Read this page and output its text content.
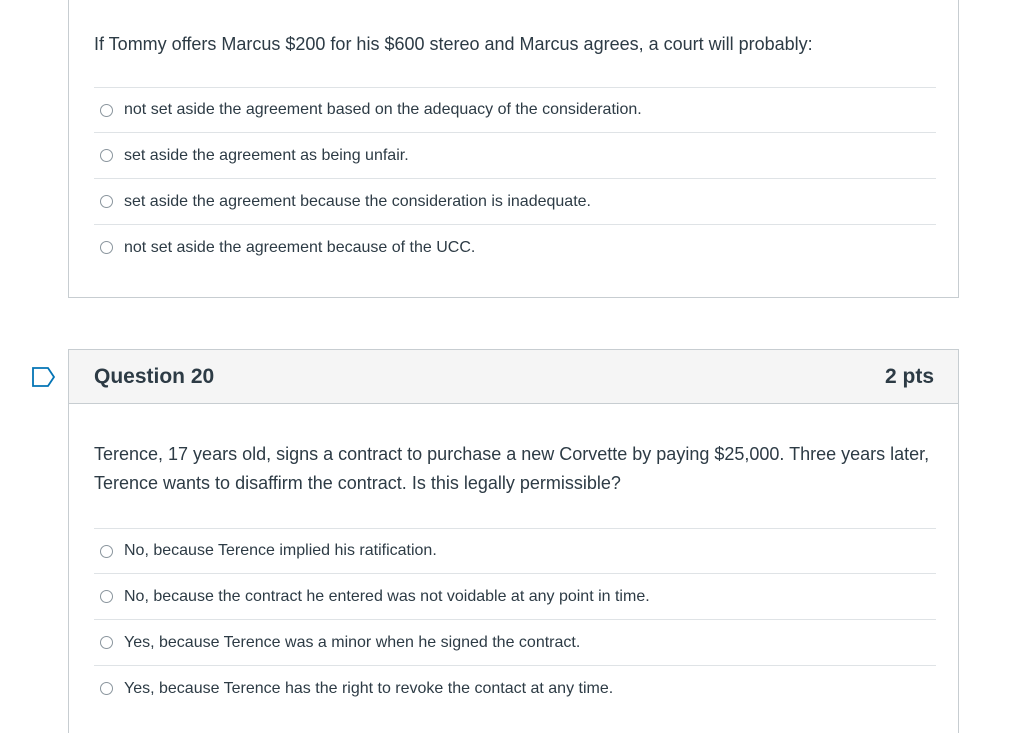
If Tommy offers Marcus $200 for his $600 stereo and Marcus agrees, a court will probably:

not set aside the agreement based on the adequacy of the consideration.
set aside the agreement as being unfair.
set aside the agreement because the consideration is inadequate.
not set aside the agreement because of the UCC.
Question 20	2 pts

Terence, 17 years old, signs a contract to purchase a new Corvette by paying $25,000. Three years later, Terence wants to disaffirm the contract. Is this legally permissible?

No, because Terence implied his ratification.
No, because the contract he entered was not voidable at any point in time.
Yes, because Terence was a minor when he signed the contract.
Yes, because Terence has the right to revoke the contact at any time.
